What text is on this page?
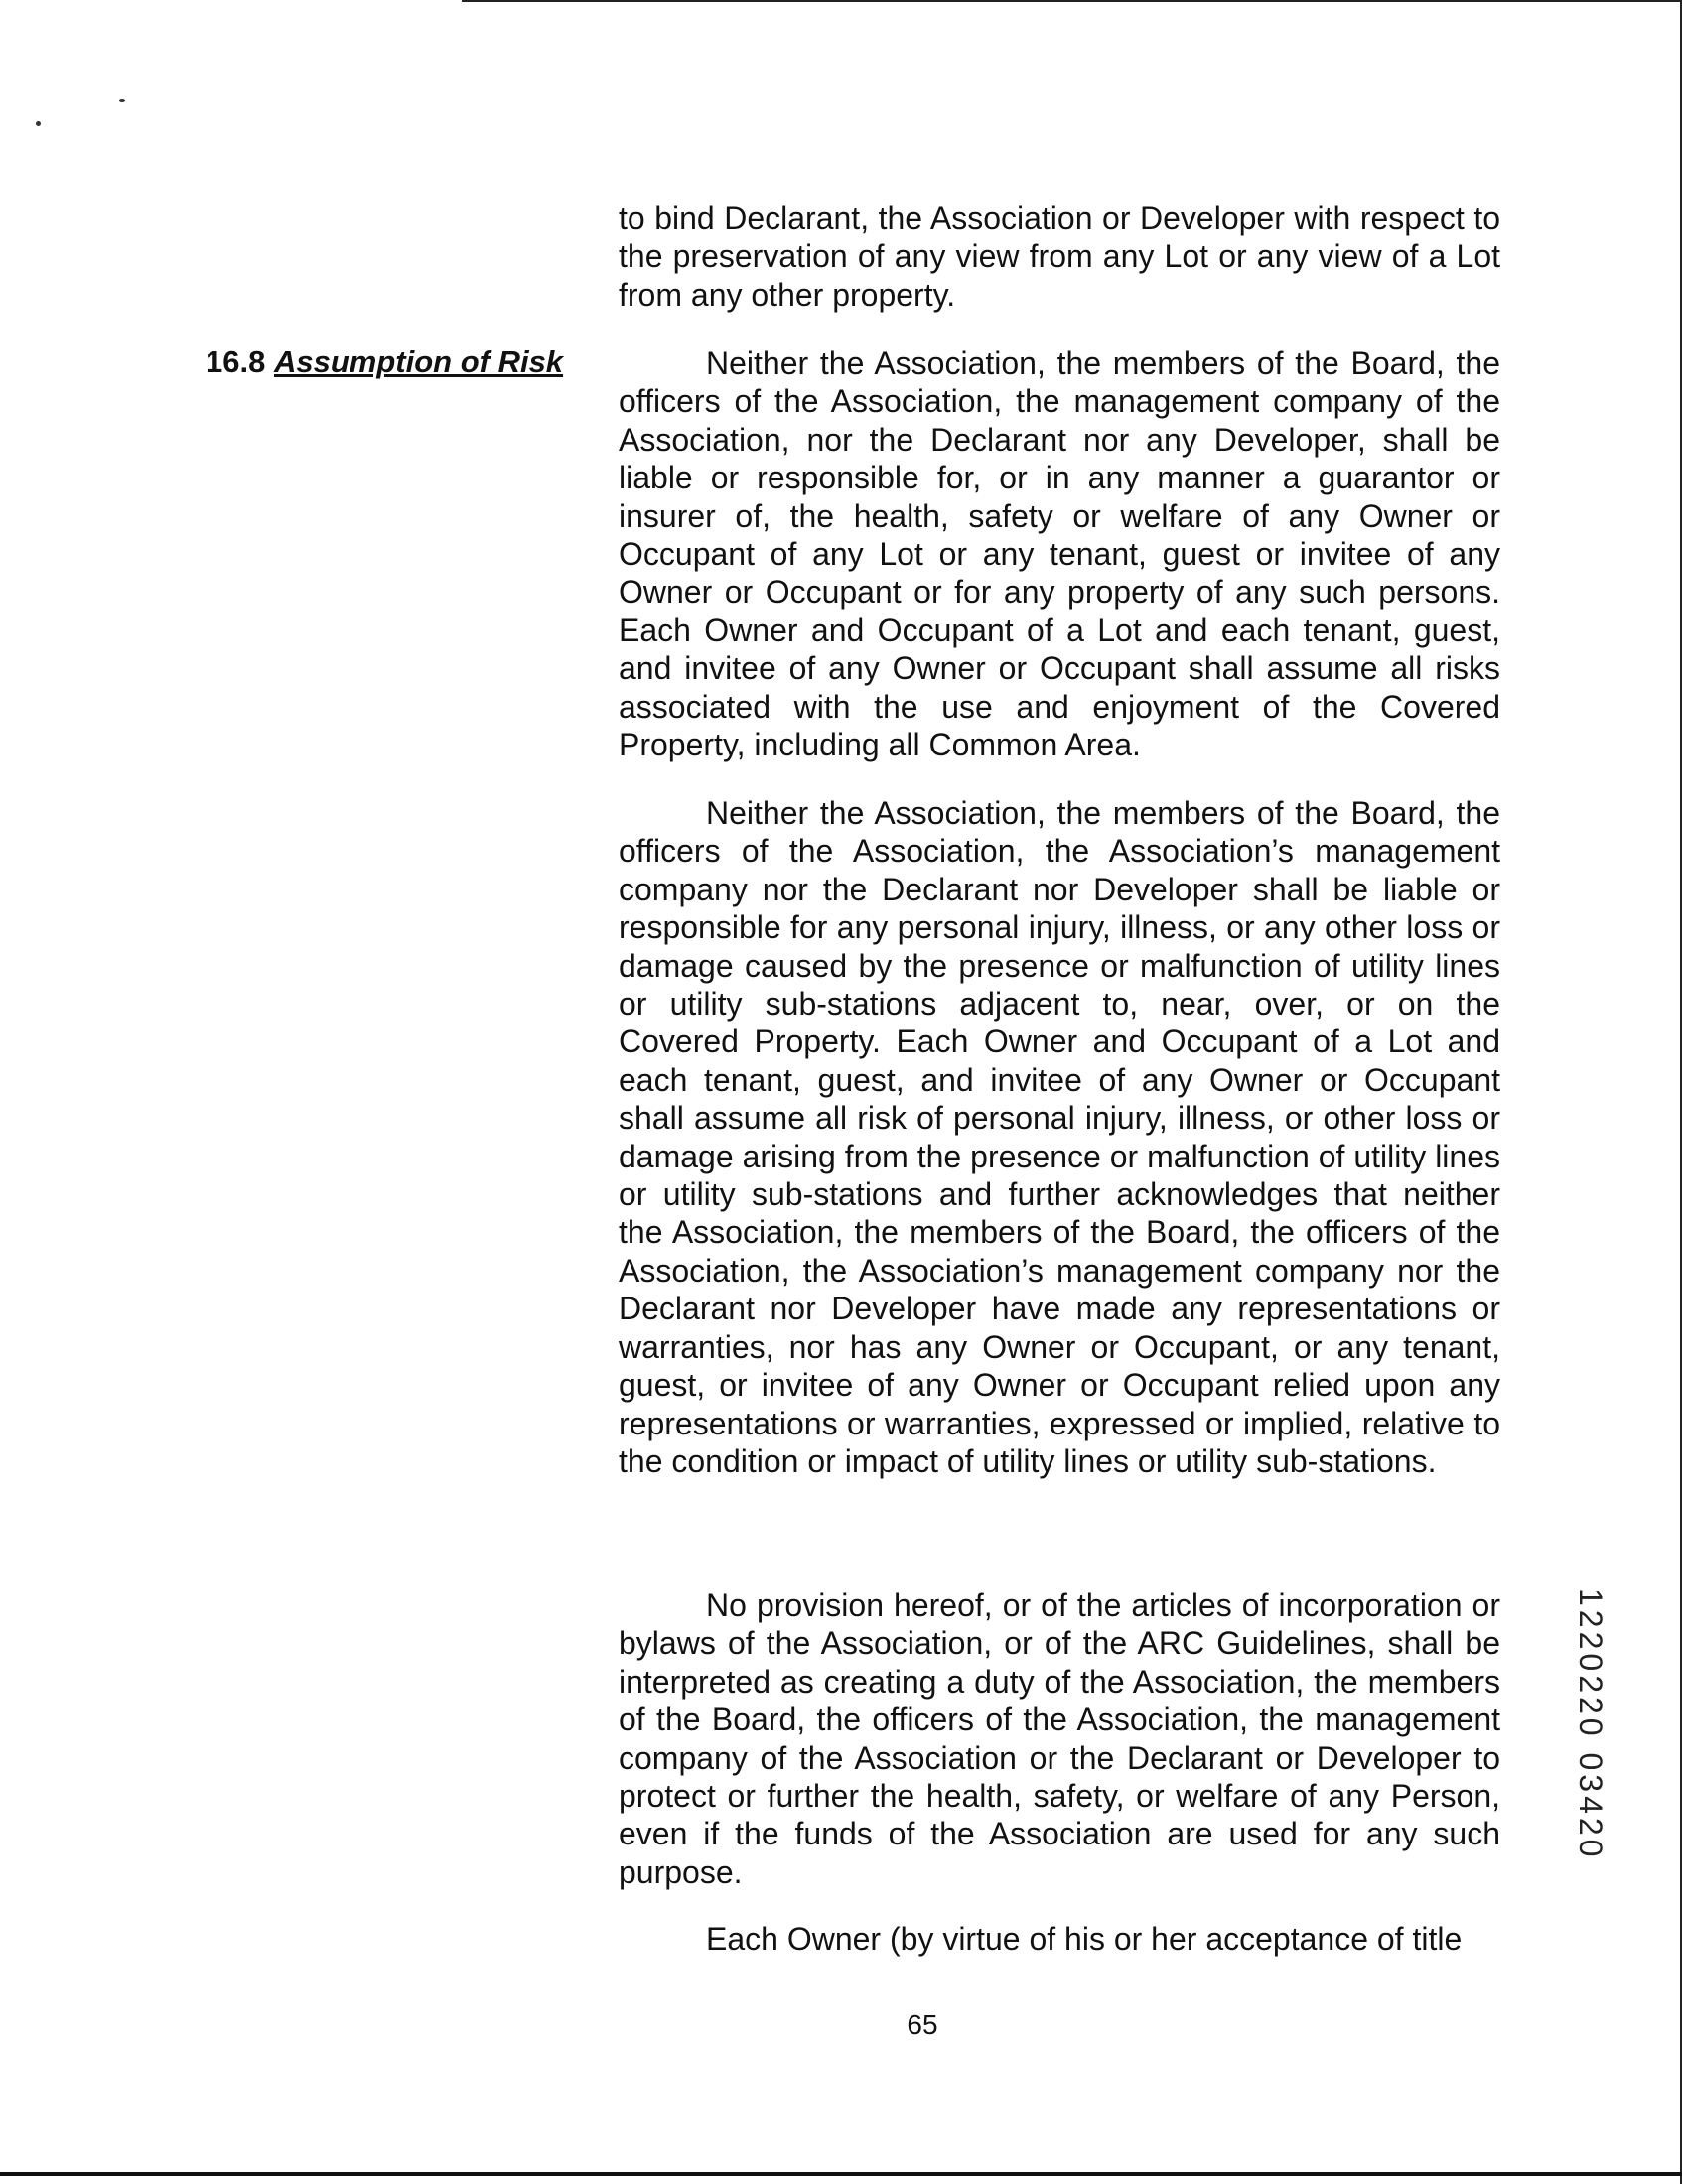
to bind Declarant, the Association or Developer with respect to the preservation of any view from any Lot or any view of a Lot from any other property.

16.8 Assumption of Risk	Neither the Association, the members of the Board, the officers of the Association, the management company of the Association, nor the Declarant nor any Developer, shall be liable or responsible for, or in any manner a guarantor or insurer of, the health, safety or welfare of any Owner or Occupant of any Lot or any tenant, guest or invitee of any Owner or Occupant or for any property of any such persons. Each Owner and Occupant of a Lot and each tenant, guest, and invitee of any Owner or Occupant shall assume all risks associated with the use and enjoyment of the Covered Property, including all Common Area.

Neither the Association, the members of the Board, the officers of the Association, the Association’s management company nor the Declarant nor Developer shall be liable or responsible for any personal injury, illness, or any other loss or damage caused by the presence or malfunction of utility lines or utility sub-stations adjacent to, near, over, or on the Covered Property. Each Owner and Occupant of a Lot and each tenant, guest, and invitee of any Owner or Occupant shall assume all risk of personal injury, illness, or other loss or damage arising from the presence or malfunction of utility lines or utility sub-stations and further acknowledges that neither the Association, the members of the Board, the officers of the Association, the Association’s management company nor the Declarant nor Developer have made any representations or warranties, nor has any Owner or Occupant, or any tenant, guest, or invitee of any Owner or Occupant relied upon any representations or warranties, expressed or implied, relative to the condition or impact of utility lines or utility sub-stations.

No provision hereof, or of the articles of incorporation or bylaws of the Association, or of the ARC Guidelines, shall be interpreted as creating a duty of the Association, the members of the Board, the officers of the Association, the management company of the Association or the Declarant or Developer to protect or further the health, safety, or welfare of any Person, even if the funds of the Association are used for any such purpose.

Each Owner (by virtue of his or her acceptance of title

65
1220220 03420
